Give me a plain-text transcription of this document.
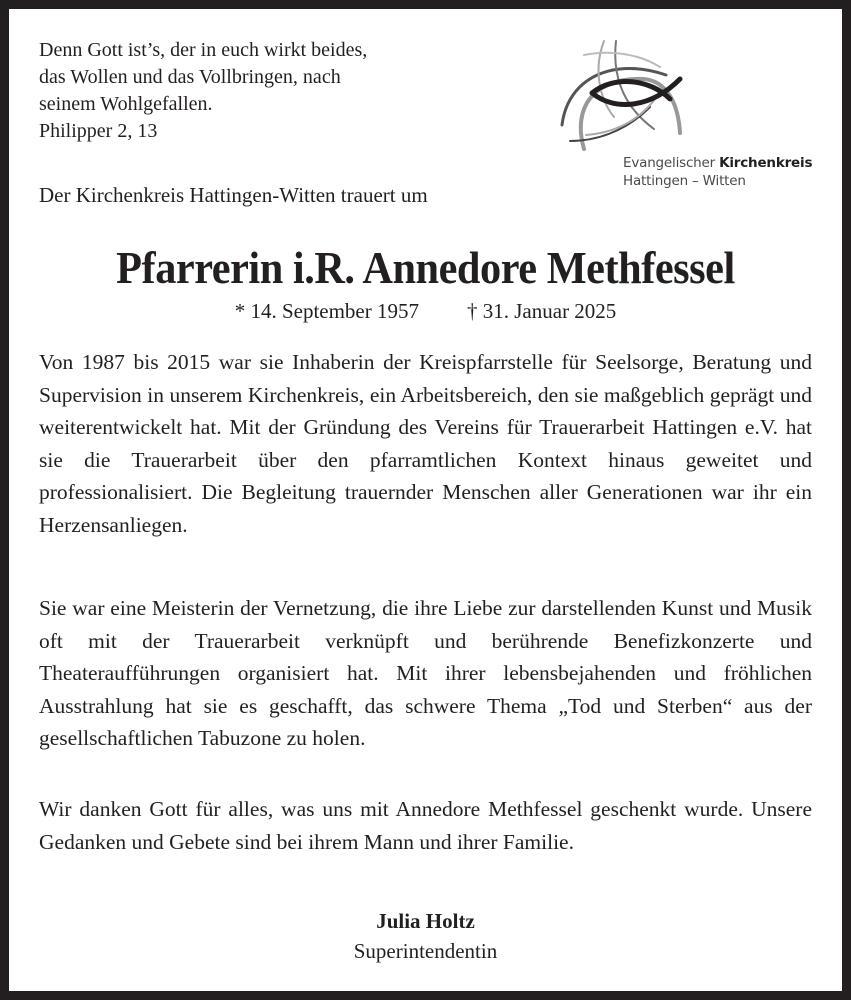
Denn Gott ist’s, der in euch wirkt beides,
das Wollen und das Vollbringen, nach
seinem Wohlgefallen.
Philipper 2, 13
Der Kirchenkreis Hattingen-Witten trauert um
Evangelischer Kirchenkreis
Hattingen – Witten
Pfarrerin i.R. Annedore Methfessel
* 14. September 1957 † 31. Januar 2025
Von 1987 bis 2015 war sie Inhaberin der Kreispfarrstelle für Seelsorge, Beratung und Supervision in unserem Kirchenkreis, ein Arbeitsbereich, den sie maßgeblich geprägt und weiterentwickelt hat. Mit der Gründung des Vereins für Trauerarbeit Hattingen e.V. hat sie die Trauerarbeit über den pfarramtlichen Kontext hinaus geweitet und professionalisiert. Die Begleitung trauernder Menschen aller Generationen war ihr ein Herzensanliegen.
Sie war eine Meisterin der Vernetzung, die ihre Liebe zur darstellenden Kunst und Musik oft mit der Trauerarbeit verknüpft und berührende Benefizkonzerte und Theateraufführungen organisiert hat. Mit ihrer lebensbejahenden und fröhlichen Ausstrahlung hat sie es geschafft, das schwere Thema „Tod und Sterben“ aus der gesellschaftlichen Tabuzone zu holen.
Wir danken Gott für alles, was uns mit Annedore Methfessel geschenkt wurde. Unsere Gedanken und Gebete sind bei ihrem Mann und ihrer Familie.
Julia Holtz
Superintendentin
